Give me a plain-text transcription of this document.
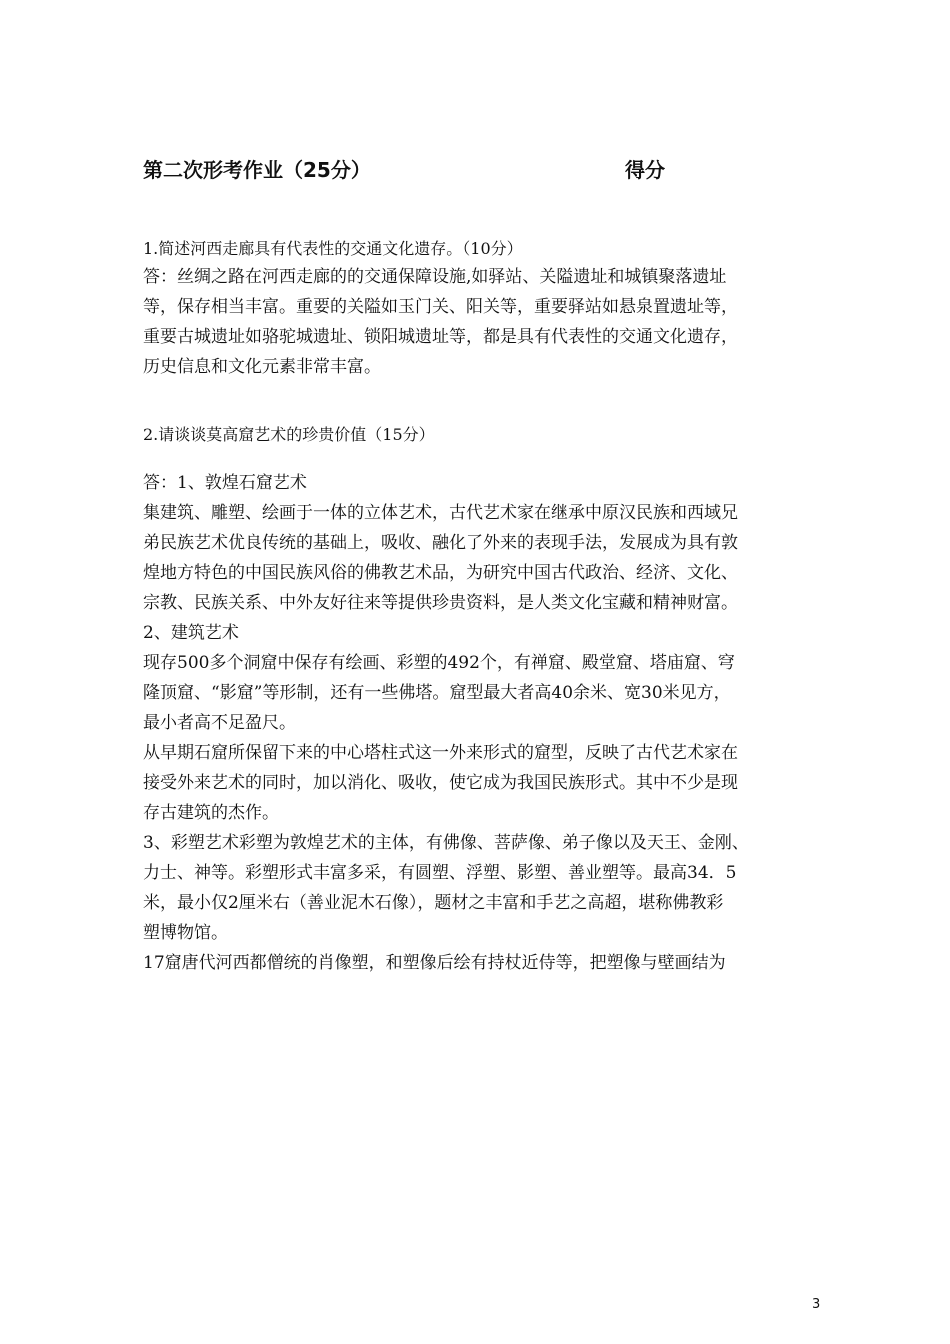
第二次形考作业（25分）	得分

1.简述河西走廊具有代表性的交通文化遗存。（10分）

答：丝绸之路在河西走廊的的交通保障设施,如驿站、关隘遗址和城镇聚落遗址

等，保存相当丰富。重要的关隘如玉门关、阳关等，重要驿站如悬泉置遗址等，

重要古城遗址如骆驼城遗址、锁阳城遗址等，都是具有代表性的交通文化遗存，

历史信息和文化元素非常丰富。

2.请谈谈莫高窟艺术的珍贵价值（15分）

答：1、敦煌石窟艺术

集建筑、雕塑、绘画于一体的立体艺术，古代艺术家在继承中原汉民族和西域兄

弟民族艺术优良传统的基础上，吸收、融化了外来的表现手法，发展成为具有敦

煌地方特色的中国民族风俗的佛教艺术品，为研究中国古代政治、经济、文化、

宗教、民族关系、中外友好往来等提供珍贵资料，是人类文化宝藏和精神财富。

2、建筑艺术

现存500多个洞窟中保存有绘画、彩塑的492个，有禅窟、殿堂窟、塔庙窟、穹

隆顶窟、“影窟”等形制，还有一些佛塔。窟型最大者高40余米、宽30米见方，

最小者高不足盈尺。

从早期石窟所保留下来的中心塔柱式这一外来形式的窟型，反映了古代艺术家在

接受外来艺术的同时，加以消化、吸收，使它成为我国民族形式。其中不少是现

存古建筑的杰作。

3、彩塑艺术彩塑为敦煌艺术的主体，有佛像、菩萨像、弟子像以及天王、金刚、

力士、神等。彩塑形式丰富多采，有圆塑、浮塑、影塑、善业塑等。最高34．5

米，最小仅2厘米右（善业泥木石像），题材之丰富和手艺之高超，堪称佛教彩

塑博物馆。

17窟唐代河西都僧统的肖像塑，和塑像后绘有持杖近侍等，把塑像与壁画结为

3
